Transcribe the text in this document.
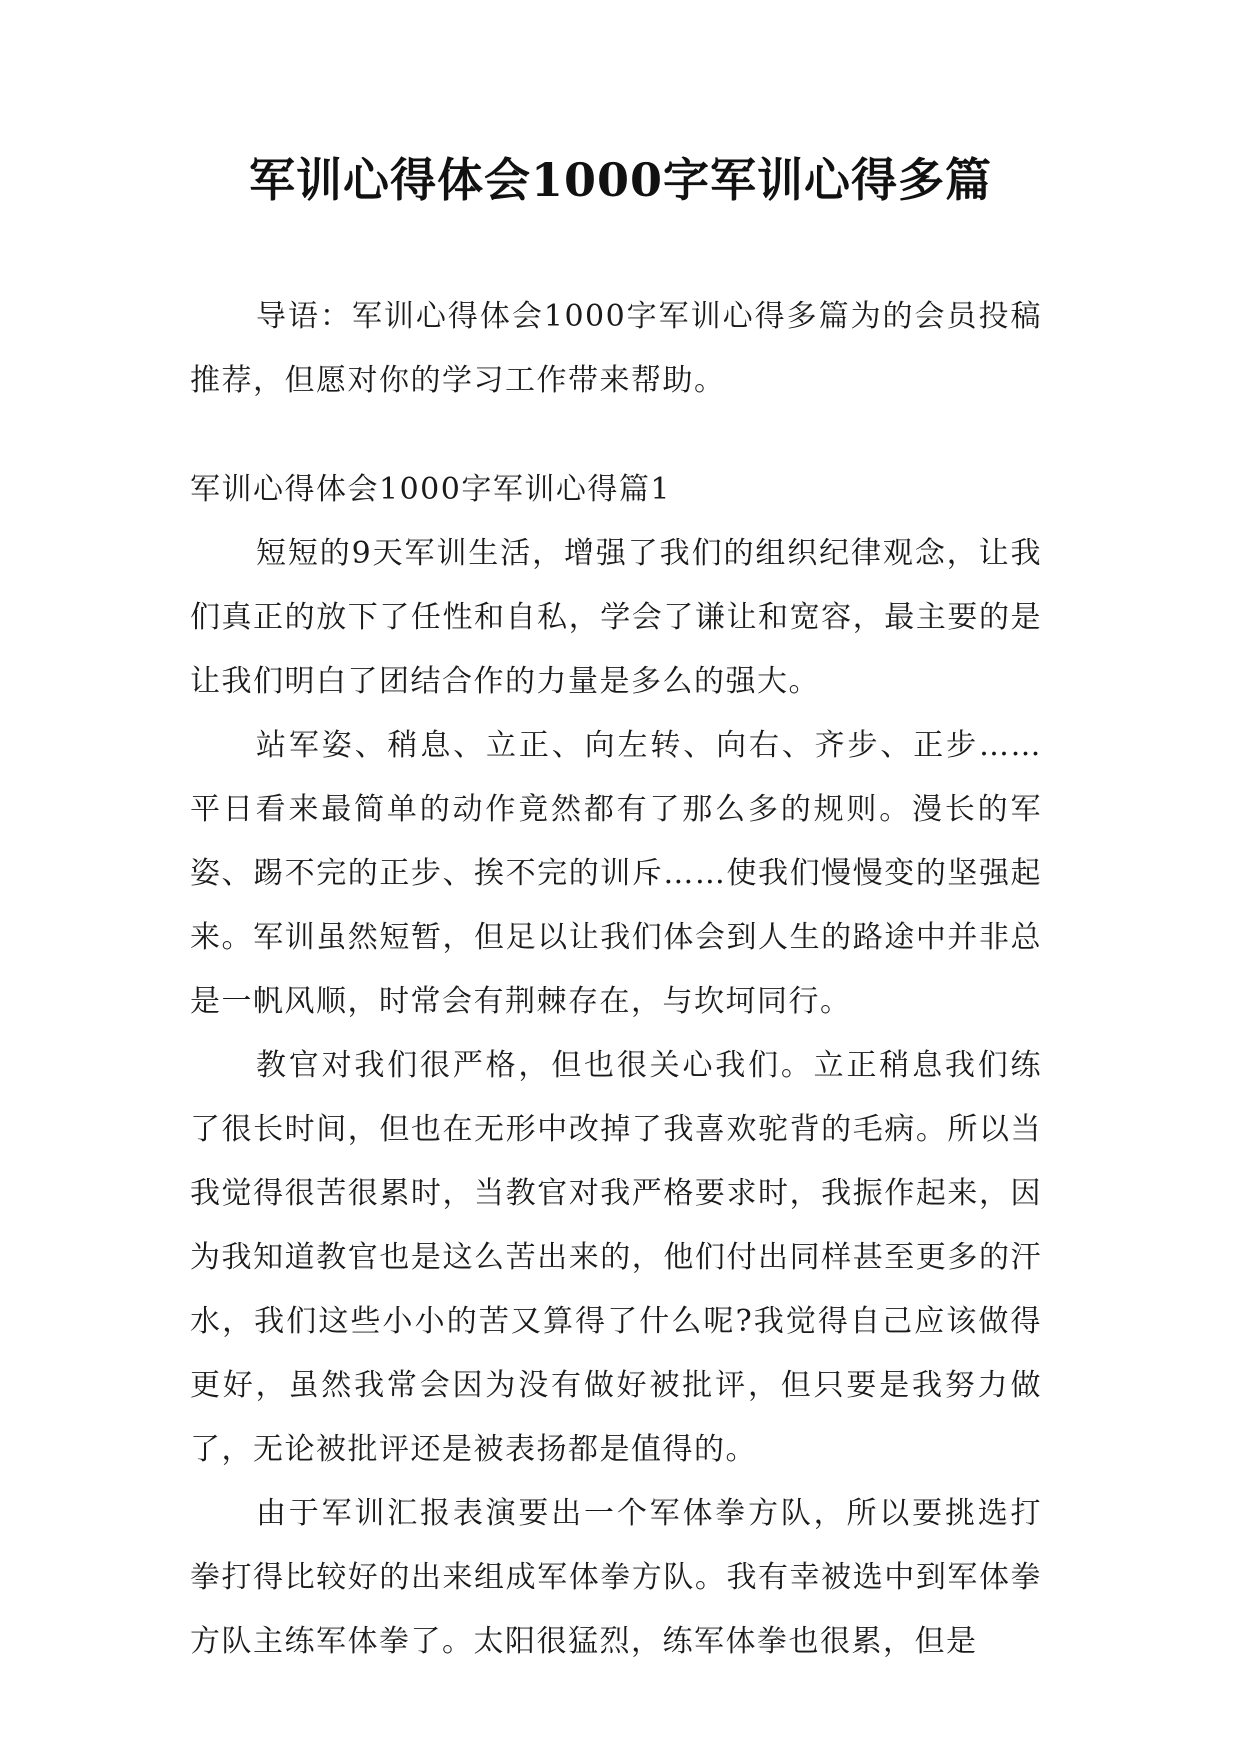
军训心得体会1000字军训心得多篇

导语：军训心得体会1000字军训心得多篇为的会员投稿推荐，但愿对你的学习工作带来帮助。

军训心得体会1000字军训心得篇1

短短的9天军训生活，增强了我们的组织纪律观念，让我们真正的放下了任性和自私，学会了谦让和宽容，最主要的是让我们明白了团结合作的力量是多么的强大。

站军姿、稍息、立正、向左转、向右、齐步、正步……平日看来最简单的动作竟然都有了那么多的规则。漫长的军姿、踢不完的正步、挨不完的训斥……使我们慢慢变的坚强起来。军训虽然短暂，但足以让我们体会到人生的路途中并非总是一帆风顺，时常会有荆棘存在，与坎坷同行。

教官对我们很严格，但也很关心我们。立正稍息我们练了很长时间，但也在无形中改掉了我喜欢驼背的毛病。所以当我觉得很苦很累时，当教官对我严格要求时，我振作起来，因为我知道教官也是这么苦出来的，他们付出同样甚至更多的汗水，我们这些小小的苦又算得了什么呢?我觉得自己应该做得更好，虽然我常会因为没有做好被批评，但只要是我努力做了，无论被批评还是被表扬都是值得的。

由于军训汇报表演要出一个军体拳方队，所以要挑选打拳打得比较好的出来组成军体拳方队。我有幸被选中到军体拳方队主练军体拳了。太阳很猛烈，练军体拳也很累，但是
